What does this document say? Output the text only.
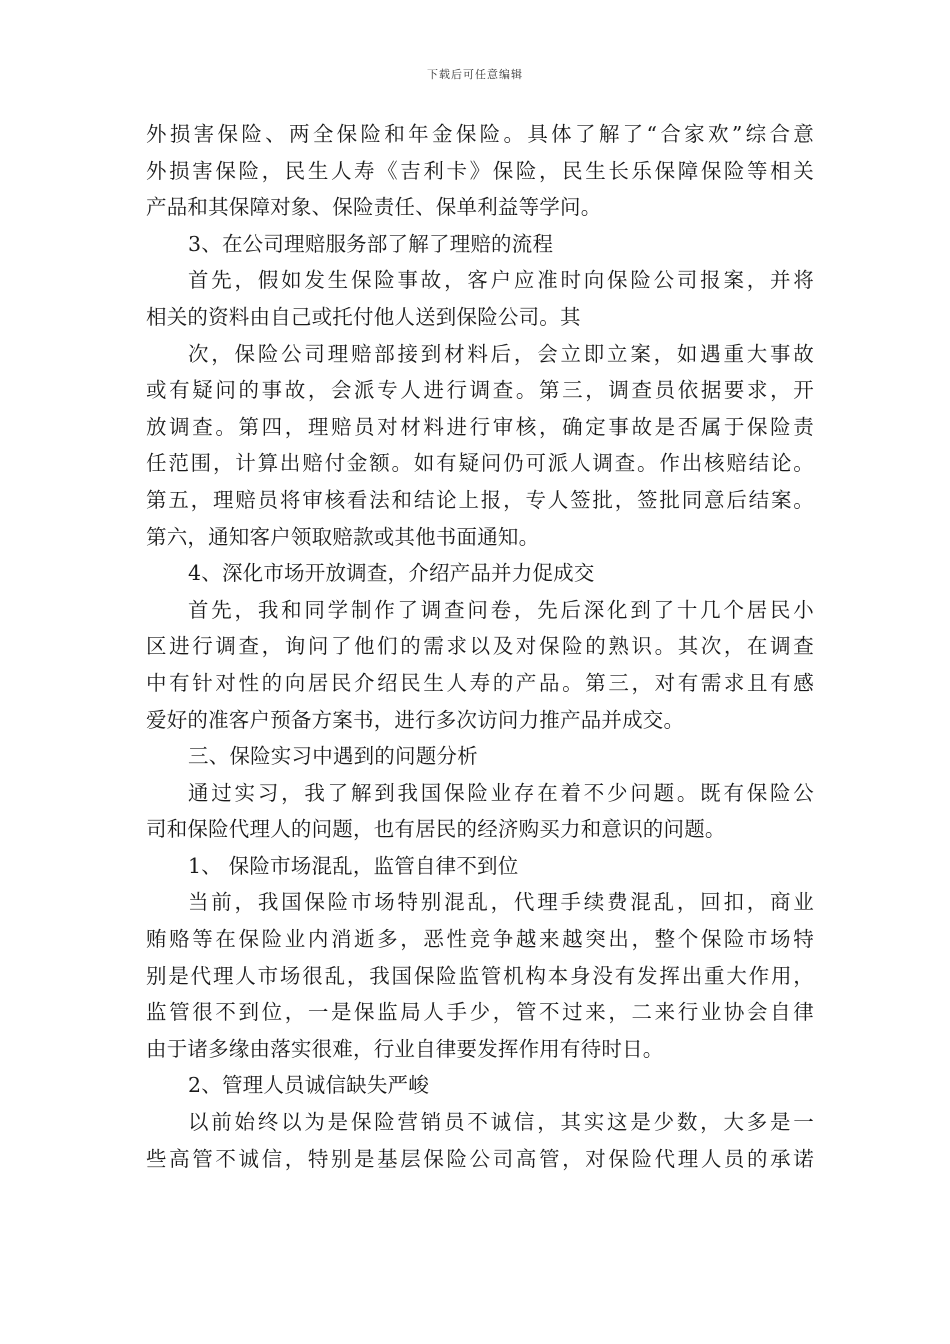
下载后可任意编辑
外损害保险、两全保险和年金保险。具体了解了“合家欢”综合意
外损害保险，民生人寿《吉利卡》保险，民生长乐保障保险等相关
产品和其保障对象、保险责任、保单利益等学问。
3、在公司理赔服务部了解了理赔的流程
首先，假如发生保险事故，客户应准时向保险公司报案，并将
相关的资料由自己或托付他人送到保险公司。其
次，保险公司理赔部接到材料后，会立即立案，如遇重大事故
或有疑问的事故，会派专人进行调查。第三，调查员依据要求，开
放调查。第四，理赔员对材料进行审核，确定事故是否属于保险责
任范围，计算出赔付金额。如有疑问仍可派人调查。作出核赔结论。
第五，理赔员将审核看法和结论上报，专人签批，签批同意后结案。
第六，通知客户领取赔款或其他书面通知。
4、深化市场开放调查，介绍产品并力促成交
首先，我和同学制作了调查问卷，先后深化到了十几个居民小
区进行调查，询问了他们的需求以及对保险的熟识。其次，在调查
中有针对性的向居民介绍民生人寿的产品。第三，对有需求且有感
爱好的准客户预备方案书，进行多次访问力推产品并成交。
三、保险实习中遇到的问题分析
通过实习，我了解到我国保险业存在着不少问题。既有保险公
司和保险代理人的问题，也有居民的经济购买力和意识的问题。
1、 保险市场混乱，监管自律不到位
当前，我国保险市场特别混乱，代理手续费混乱，回扣，商业
贿赂等在保险业内消逝多，恶性竞争越来越突出，整个保险市场特
别是代理人市场很乱，我国保险监管机构本身没有发挥出重大作用，
监管很不到位，一是保监局人手少，管不过来，二来行业协会自律
由于诸多缘由落实很难，行业自律要发挥作用有待时日。
2、管理人员诚信缺失严峻
以前始终以为是保险营销员不诚信，其实这是少数，大多是一
些高管不诚信，特别是基层保险公司高管，对保险代理人员的承诺
